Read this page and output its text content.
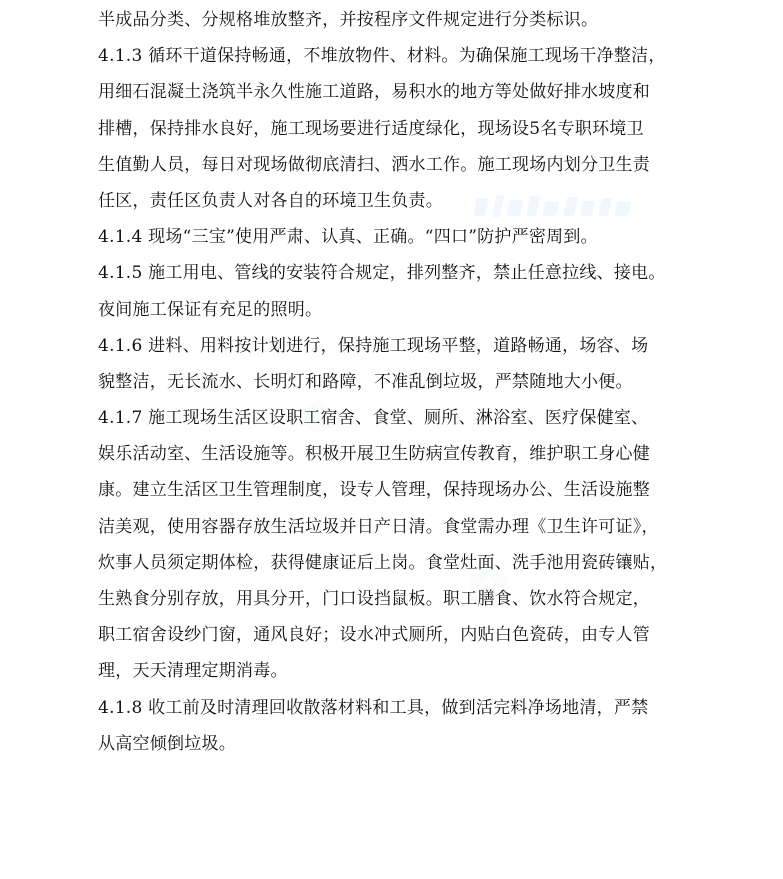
半成品分类、分规格堆放整齐，并按程序文件规定进行分类标识。
4.1.3 循环干道保持畅通，不堆放物件、材料。为确保施工现场干净整洁，
用细石混凝土浇筑半永久性施工道路，易积水的地方等处做好排水坡度和
排槽，保持排水良好，施工现场要进行适度绿化，现场设5名专职环境卫
生值勤人员，每日对现场做彻底清扫、洒水工作。施工现场内划分卫生责
任区，责任区负责人对各自的环境卫生负责。
4.1.4 现场“三宝”使用严肃、认真、正确。“四口”防护严密周到。
4.1.5 施工用电、管线的安装符合规定，排列整齐，禁止任意拉线、接电。
夜间施工保证有充足的照明。
4.1.6 进料、用料按计划进行，保持施工现场平整，道路畅通，场容、场
貌整洁，无长流水、长明灯和路障，不准乱倒垃圾，严禁随地大小便。
4.1.7 施工现场生活区设职工宿舍、食堂、厕所、淋浴室、医疗保健室、
娱乐活动室、生活设施等。积极开展卫生防病宣传教育，维护职工身心健
康。建立生活区卫生管理制度，设专人管理，保持现场办公、生活设施整
洁美观，使用容器存放生活垃圾并日产日清。食堂需办理《卫生许可证》，
炊事人员须定期体检，获得健康证后上岗。食堂灶面、洗手池用瓷砖镶贴，
生熟食分别存放，用具分开，门口设挡鼠板。职工膳食、饮水符合规定，
职工宿舍设纱门窗，通风良好；设水冲式厕所，内贴白色瓷砖，由专人管
理，天天清理定期消毒。
4.1.8 收工前及时清理回收散落材料和工具，做到活完料净场地清，严禁
从高空倾倒垃圾。
